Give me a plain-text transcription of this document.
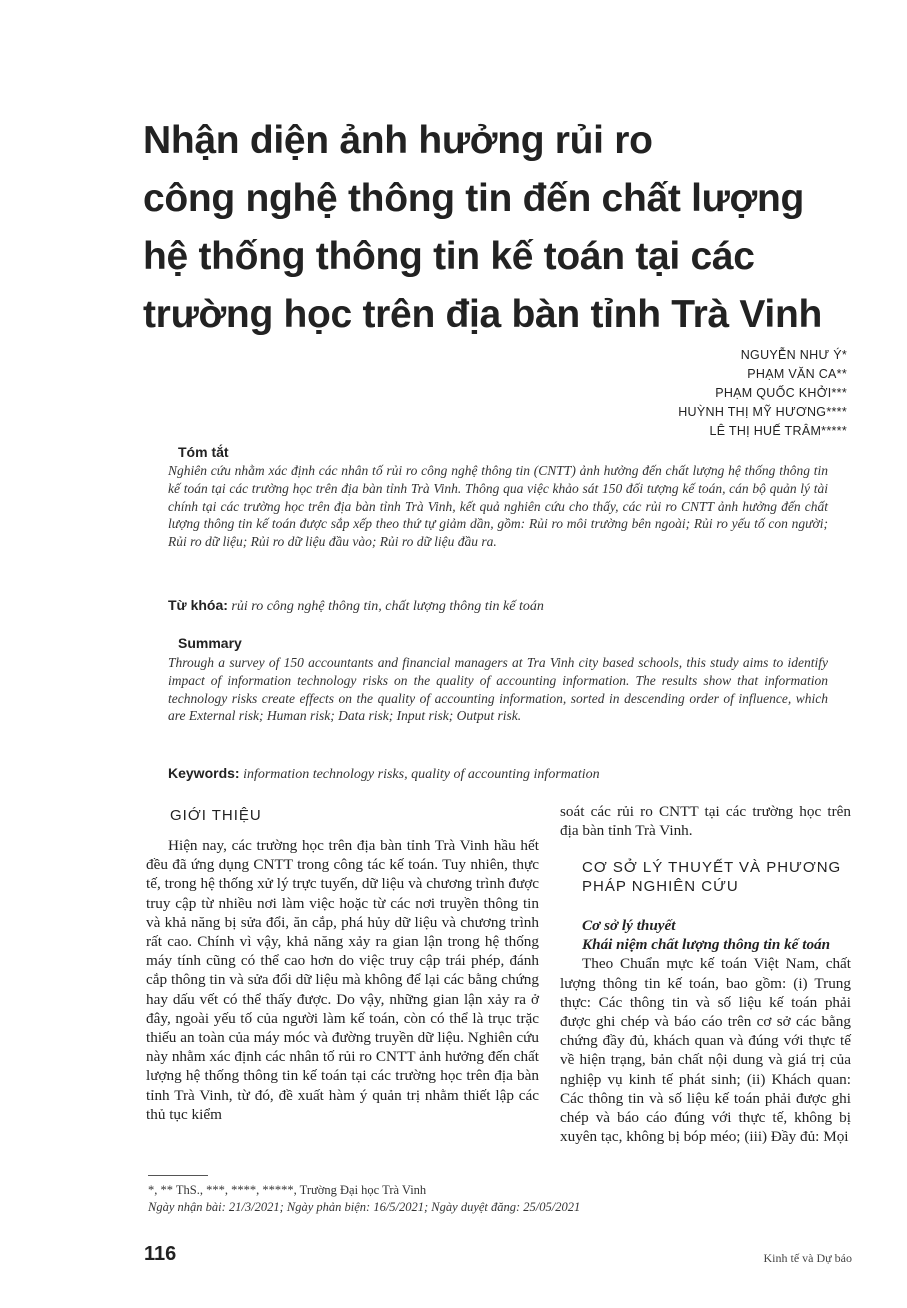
Nhận diện ảnh hưởng rủi ro
công nghệ thông tin đến chất lượng
hệ thống thông tin kế toán tại các
trường học trên địa bàn tỉnh Trà Vinh
NGUYỄN NHƯ Ý*
PHẠM VĂN CA**
PHẠM QUỐC KHỞI***
HUỲNH THỊ MỸ HƯƠNG****
LÊ THỊ HUẾ TRÂM*****
Tóm tắt
Nghiên cứu nhằm xác định các nhân tố rủi ro công nghệ thông tin (CNTT) ảnh hưởng đến chất lượng hệ thống thông tin kế toán tại các trường học trên địa bàn tỉnh Trà Vinh. Thông qua việc khảo sát 150 đối tượng kế toán, cán bộ quản lý tài chính tại các trường học trên địa bàn tỉnh Trà Vinh, kết quả nghiên cứu cho thấy, các rủi ro CNTT ảnh hưởng đến chất lượng thông tin kế toán được sắp xếp theo thứ tự giảm dần, gồm: Rủi ro môi trường bên ngoài; Rủi ro yếu tố con người; Rủi ro dữ liệu; Rủi ro dữ liệu đầu vào; Rủi ro dữ liệu đầu ra.
Từ khóa: rủi ro công nghệ thông tin, chất lượng thông tin kế toán
Summary
Through a survey of 150 accountants and financial managers at Tra Vinh city based schools, this study aims to identify impact of information technology risks on the quality of accounting information. The results show that information technology risks create effects on the quality of accounting information, sorted in descending order of influence, which are External risk; Human risk; Data risk; Input risk; Output risk.
Keywords: information technology risks, quality of accounting information
GIỚI THIỆU

Hiện nay, các trường học trên địa bàn tỉnh Trà Vinh hầu hết đều đã ứng dụng CNTT trong công tác kế toán. Tuy nhiên, thực tế, trong hệ thống xử lý trực tuyến, dữ liệu và chương trình được truy cập từ nhiều nơi làm việc hoặc từ các nơi truyền thông tin và khả năng bị sửa đổi, ăn cắp, phá hủy dữ liệu và chương trình rất cao. Chính vì vậy, khả năng xảy ra gian lận trong hệ thống máy tính cũng có thể cao hơn do việc truy cập trái phép, đánh cắp thông tin và sửa đổi dữ liệu mà không để lại các bằng chứng hay dấu vết có thể thấy được. Do vậy, những gian lận xảy ra ở đây, ngoài yếu tố của người làm kế toán, còn có thể là trục trặc thiếu an toàn của máy móc và đường truyền dữ liệu. Nghiên cứu này nhằm xác định các nhân tố rủi ro CNTT ảnh hưởng đến chất lượng hệ thống thông tin kế toán tại các trường học trên địa bàn tỉnh Trà Vinh, từ đó, đề xuất hàm ý quản trị nhằm thiết lập các thủ tục kiểm

soát các rủi ro CNTT tại các trường học trên địa bàn tỉnh Trà Vinh.

CƠ SỞ LÝ THUYẾT VÀ PHƯƠNG
PHÁP NGHIÊN CỨU

Cơ sở lý thuyết

Khái niệm chất lượng thông tin kế toán

Theo Chuẩn mực kế toán Việt Nam, chất lượng thông tin kế toán, bao gồm: (i) Trung thực: Các thông tin và số liệu kế toán phải được ghi chép và báo cáo trên cơ sở các bằng chứng đầy đủ, khách quan và đúng với thực tế về hiện trạng, bản chất nội dung và giá trị của nghiệp vụ kinh tế phát sinh; (ii) Khách quan: Các thông tin và số liệu kế toán phải được ghi chép và báo cáo đúng với thực tế, không bị xuyên tạc, không bị bóp méo; (iii) Đầy đủ: Mọi

*, ** ThS., ***, ****, *****, Trường Đại học Trà Vinh
Ngày nhận bài: 21/3/2021; Ngày phản biện: 16/5/2021; Ngày duyệt đăng: 25/05/2021
116	Kinh tế và Dự báo
